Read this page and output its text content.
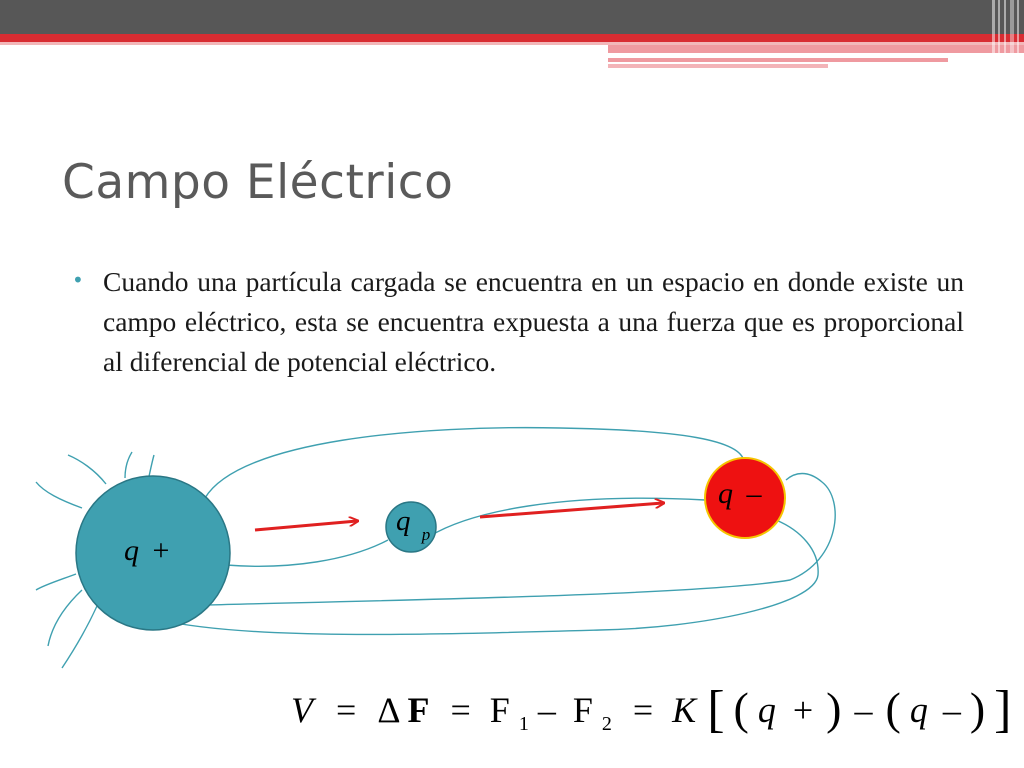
Campo Eléctrico
• Cuando una partícula cargada se encuentra en un espacio en donde existe un campo eléctrico, esta se encuentra expuesta a una fuerza que es proporcional al diferencial de potencial eléctrico.

q +
q $_p$
q –
V = Δ F = F $_1$ – F $_2$ = K [ ( q + ) – ( q – ) ]
